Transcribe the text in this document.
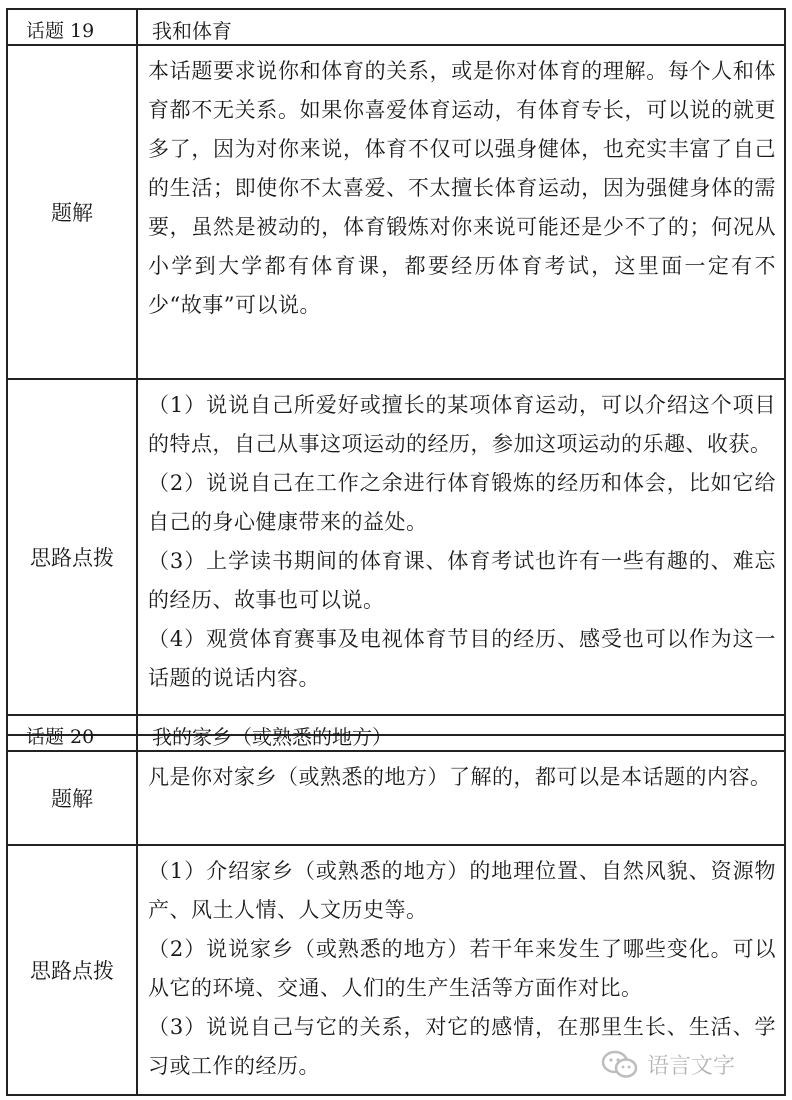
话题 19	我和体育
题解	本话题要求说你和体育的关系，或是你对体育的理解。每个人和体育都不无关系。如果你喜爱体育运动，有体育专长，可以说的就更多了，因为对你来说，体育不仅可以强身健体，也充实丰富了自己的生活；即使你不太喜爱、不太擅长体育运动，因为强健身体的需要，虽然是被动的，体育锻炼对你来说可能还是少不了的；何况从小学到大学都有体育课，都要经历体育考试，这里面一定有不少“故事”可以说。

思路点拨	（1）说说自己所爱好或擅长的某项体育运动，可以介绍这个项目的特点，自己从事这项运动的经历，参加这项运动的乐趣、收获。
（2）说说自己在工作之余进行体育锻炼的经历和体会，比如它给自己的身心健康带来的益处。
（3）上学读书期间的体育课、体育考试也许有一些有趣的、难忘的经历、故事也可以说。
（4）观赏体育赛事及电视体育节目的经历、感受也可以作为这一话题的说话内容。
话题 20	我的家乡（或熟悉的地方）
题解	凡是你对家乡（或熟悉的地方）了解的，都可以是本话题的内容。

思路点拨	（1）介绍家乡（或熟悉的地方）的地理位置、自然风貌、资源物产、风土人情、人文历史等。
（2）说说家乡（或熟悉的地方）若干年来发生了哪些变化。可以从它的环境、交通、人们的生产生活等方面作对比。
（3）说说自己与它的关系，对它的感情，在那里生长、生活、学习或工作的经历。	语言文字
